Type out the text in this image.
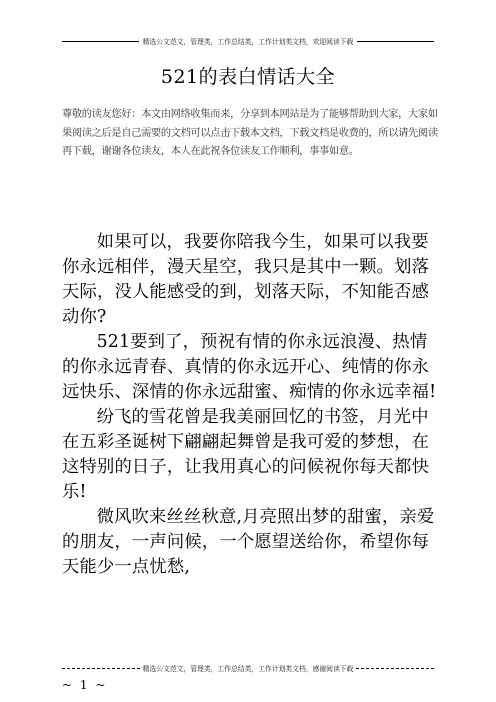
精选公文范文，管理类，工作总结类，工作计划类文档，欢迎阅读下载
521的表白情话大全
尊敬的读友您好：本文由网络收集而来，分享到本网站是为了能够帮助到大家，大家如果阅读之后是自己需要的文档可以点击下载本文档，下载文档是收费的，所以请先阅读再下载，谢谢各位读友，本人在此祝各位读友工作顺利，事事如意。

如果可以，我要你陪我今生，如果可以我要你永远相伴，漫天星空，我只是其中一颗。划落天际，没人能感受的到，划落天际，不知能否感动你?

521要到了，预祝有情的你永远浪漫、热情的你永远青春、真情的你永远开心、纯情的你永远快乐、深情的你永远甜蜜、痴情的你永远幸福!

纷飞的雪花曾是我美丽回忆的书签，月光中在五彩圣诞树下翩翩起舞曾是我可爱的梦想，在这特别的日子，让我用真心的问候祝你每天都快乐!

微风吹来丝丝秋意,月亮照出梦的甜蜜，亲爱的朋友，一声问候，一个愿望送给你，希望你每天能少一点忧愁,

精选公文范文，管理类，工作总结类，工作计划类文档，感谢阅读下载
~ 1 ~
